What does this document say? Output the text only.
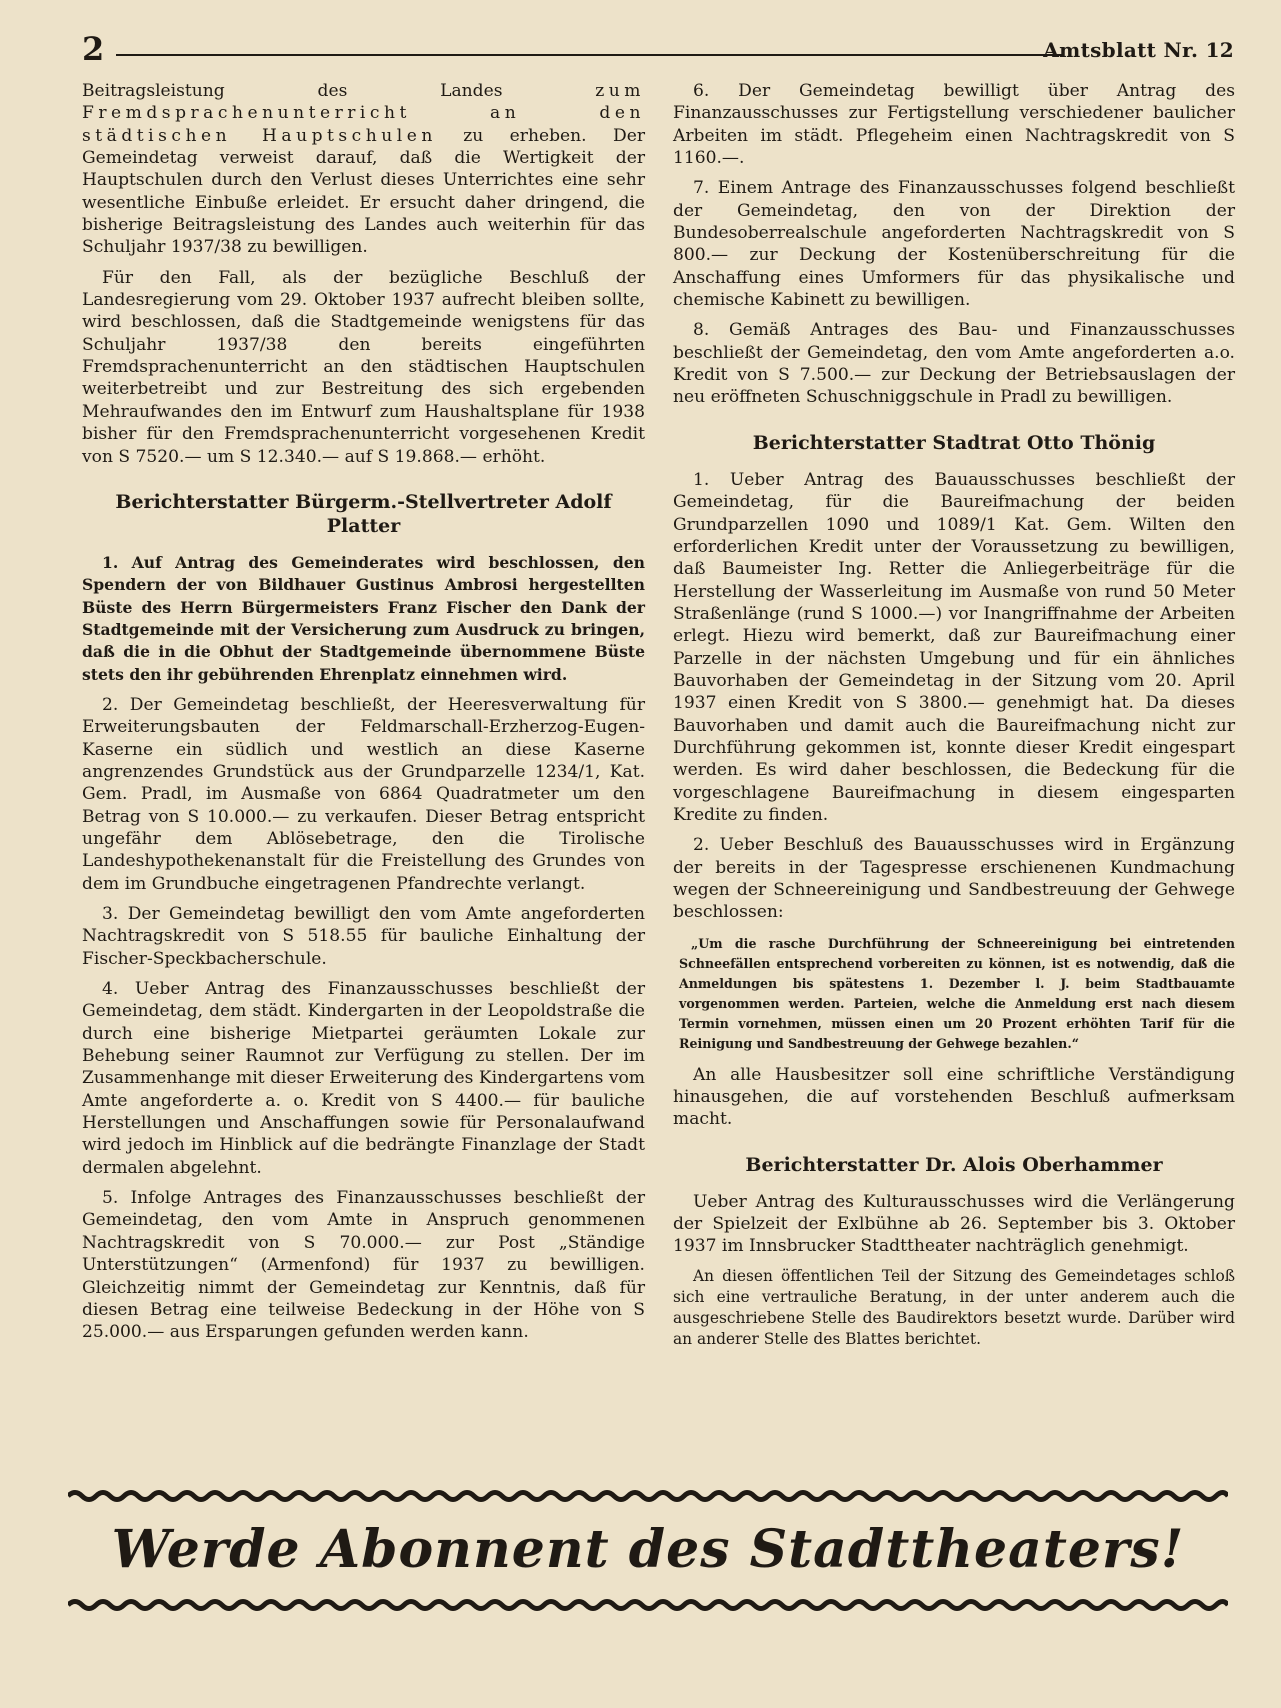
2	Amtsblatt Nr. 12

Beitragsleistung des Landes zum Fremdsprachenunterricht an den städtischen Hauptschulen zu erheben. Der Gemeindetag verweist darauf, daß die Wertigkeit der Hauptschulen durch den Verlust dieses Unterrichtes eine sehr wesentliche Einbuße erleidet. Er ersucht daher dringend, die bisherige Beitragsleistung des Landes auch weiterhin für das Schuljahr 1937/38 zu bewilligen.

Für den Fall, als der bezügliche Beschluß der Landesregierung vom 29. Oktober 1937 aufrecht bleiben sollte, wird beschlossen, daß die Stadtgemeinde wenigstens für das Schuljahr 1937/38 den bereits eingeführten Fremdsprachenunterricht an den städtischen Hauptschulen weiterbetreibt und zur Bestreitung des sich ergebenden Mehraufwandes den im Entwurf zum Haushaltsplane für 1938 bisher für den Fremdsprachenunterricht vorgesehenen Kredit von S 7520.— um S 12.340.— auf S 19.868.— erhöht.

Berichterstatter Bürgerm.-Stellvertreter Adolf Platter

1. Auf Antrag des Gemeinderates wird beschlossen, den Spendern der von Bildhauer Gustinus Ambrosi hergestellten Büste des Herrn Bürgermeisters Franz Fischer den Dank der Stadtgemeinde mit der Versicherung zum Ausdruck zu bringen, daß die in die Obhut der Stadtgemeinde übernommene Büste stets den ihr gebührenden Ehrenplatz einnehmen wird.

2. Der Gemeindetag beschließt, der Heeresverwaltung für Erweiterungsbauten der Feldmarschall-Erzherzog-Eugen-Kaserne ein südlich und westlich an diese Kaserne angrenzendes Grundstück aus der Grundparzelle 1234/1, Kat. Gem. Pradl, im Ausmaße von 6864 Quadratmeter um den Betrag von S 10.000.— zu verkaufen. Dieser Betrag entspricht ungefähr dem Ablösebetrage, den die Tirolische Landeshypothekenanstalt für die Freistellung des Grundes von dem im Grundbuche eingetragenen Pfandrechte verlangt.

3. Der Gemeindetag bewilligt den vom Amte angeforderten Nachtragskredit von S 518.55 für bauliche Einhaltung der Fischer-Speckbacherschule.

4. Ueber Antrag des Finanzausschusses beschließt der Gemeindetag, dem städt. Kindergarten in der Leopoldstraße die durch eine bisherige Mietpartei geräumten Lokale zur Behebung seiner Raumnot zur Verfügung zu stellen. Der im Zusammenhange mit dieser Erweiterung des Kindergartens vom Amte angeforderte a. o. Kredit von S 4400.— für bauliche Herstellungen und Anschaffungen sowie für Personalaufwand wird jedoch im Hinblick auf die bedrängte Finanzlage der Stadt dermalen abgelehnt.

5. Infolge Antrages des Finanzausschusses beschließt der Gemeindetag, den vom Amte in Anspruch genommenen Nachtragskredit von S 70.000.— zur Post „Ständige Unterstützungen“ (Armenfond) für 1937 zu bewilligen. Gleichzeitig nimmt der Gemeindetag zur Kenntnis, daß für diesen Betrag eine teilweise Bedeckung in der Höhe von S 25.000.— aus Ersparungen gefunden werden kann.

6. Der Gemeindetag bewilligt über Antrag des Finanzausschusses zur Fertigstellung verschiedener baulicher Arbeiten im städt. Pflegeheim einen Nachtragskredit von S 1160.—.

7. Einem Antrage des Finanzausschusses folgend beschließt der Gemeindetag, den von der Direktion der Bundesoberrealschule angeforderten Nachtragskredit von S 800.— zur Deckung der Kostenüberschreitung für die Anschaffung eines Umformers für das physikalische und chemische Kabinett zu bewilligen.

8. Gemäß Antrages des Bau- und Finanzausschusses beschließt der Gemeindetag, den vom Amte angeforderten a.o. Kredit von S 7.500.— zur Deckung der Betriebsauslagen der neu eröffneten Schuschniggschule in Pradl zu bewilligen.

Berichterstatter Stadtrat Otto Thönig

1. Ueber Antrag des Bauausschusses beschließt der Gemeindetag, für die Baureifmachung der beiden Grundparzellen 1090 und 1089/1 Kat. Gem. Wilten den erforderlichen Kredit unter der Voraussetzung zu bewilligen, daß Baumeister Ing. Retter die Anliegerbeiträge für die Herstellung der Wasserleitung im Ausmaße von rund 50 Meter Straßenlänge (rund S 1000.—) vor Inangriffnahme der Arbeiten erlegt. Hiezu wird bemerkt, daß zur Baureifmachung einer Parzelle in der nächsten Umgebung und für ein ähnliches Bauvorhaben der Gemeindetag in der Sitzung vom 20. April 1937 einen Kredit von S 3800.— genehmigt hat. Da dieses Bauvorhaben und damit auch die Baureifmachung nicht zur Durchführung gekommen ist, konnte dieser Kredit eingespart werden. Es wird daher beschlossen, die Bedeckung für die vorgeschlagene Baureifmachung in diesem eingesparten Kredite zu finden.

2. Ueber Beschluß des Bauausschusses wird in Ergänzung der bereits in der Tagespresse erschienenen Kundmachung wegen der Schneereinigung und Sandbestreuung der Gehwege beschlossen:

„Um die rasche Durchführung der Schneereinigung bei eintretenden Schneefällen entsprechend vorbereiten zu können, ist es notwendig, daß die Anmeldungen bis spätestens 1. Dezember l. J. beim Stadtbauamte vorgenommen werden. Parteien, welche die Anmeldung erst nach diesem Termin vornehmen, müssen einen um 20 Prozent erhöhten Tarif für die Reinigung und Sandbestreuung der Gehwege bezahlen.“

An alle Hausbesitzer soll eine schriftliche Verständigung hinausgehen, die auf vorstehenden Beschluß aufmerksam macht.

Berichterstatter Dr. Alois Oberhammer

Ueber Antrag des Kulturausschusses wird die Verlängerung der Spielzeit der Exlbühne ab 26. September bis 3. Oktober 1937 im Innsbrucker Stadttheater nachträglich genehmigt.

An diesen öffentlichen Teil der Sitzung des Gemeindetages schloß sich eine vertrauliche Beratung, in der unter anderem auch die ausgeschriebene Stelle des Baudirektors besetzt wurde. Darüber wird an anderer Stelle des Blattes berichtet.

Werde Abonnent des Stadttheaters!
